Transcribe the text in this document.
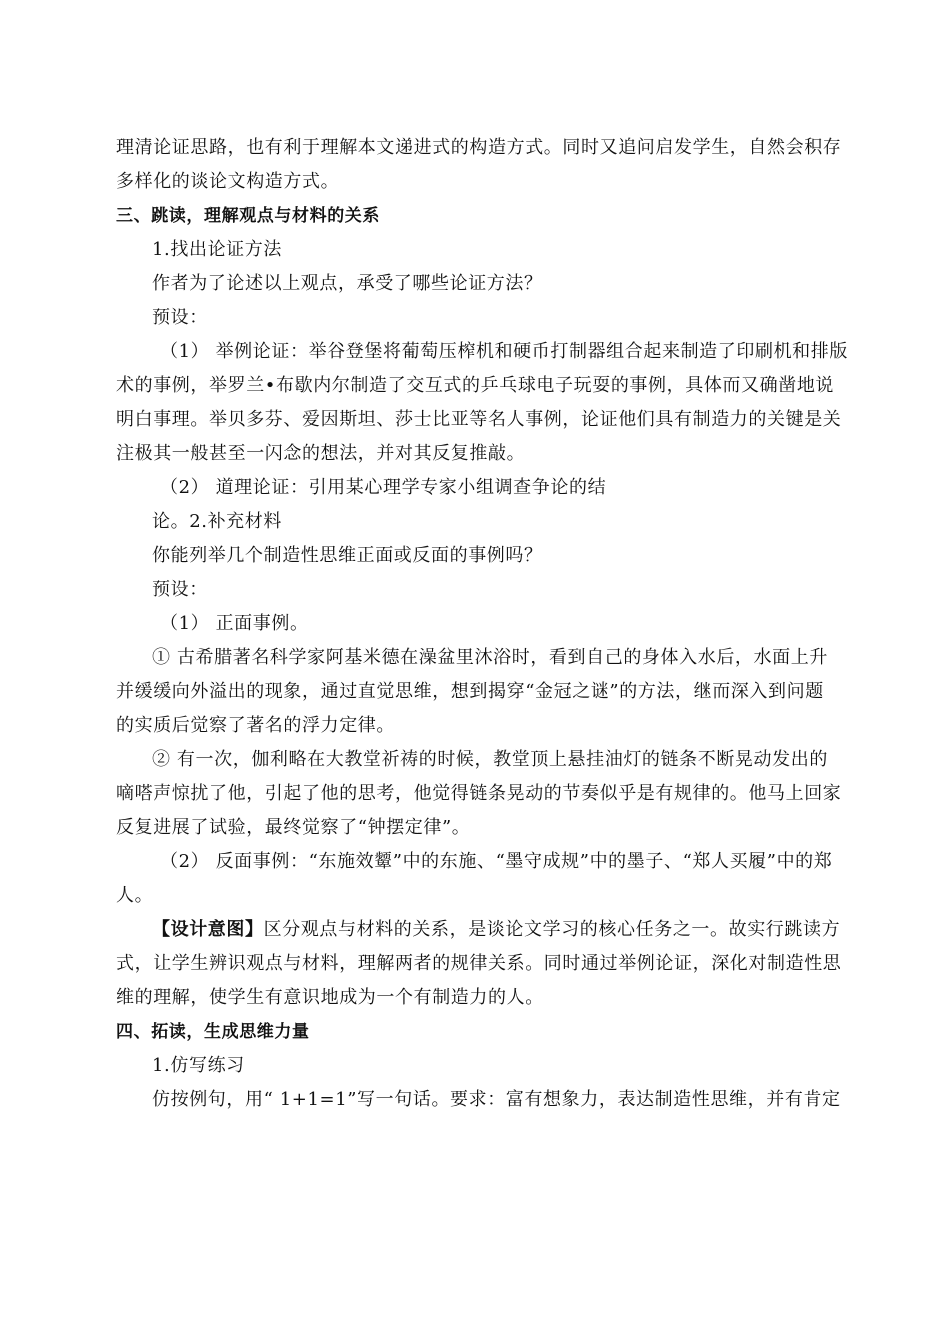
理清论证思路，也有利于理解本文递进式的构造方式。同时又追问启发学生，自然会积存
多样化的谈论文构造方式。
三、跳读，理解观点与材料的关系
1.找出论证方法
作者为了论述以上观点，承受了哪些论证方法？
预设：
（1） 举例论证：举谷登堡将葡萄压榨机和硬币打制器组合起来制造了印刷机和排版
术的事例，举罗兰•布歇内尔制造了交互式的乒乓球电子玩耍的事例，具体而又确凿地说
明白事理。举贝多芬、爱因斯坦、莎士比亚等名人事例，论证他们具有制造力的关键是关
注极其一般甚至一闪念的想法，并对其反复推敲。
（2） 道理论证：引用某心理学专家小组调查争论的结
论。2.补充材料
你能列举几个制造性思维正面或反面的事例吗？
预设：
（1） 正面事例。
① 古希腊著名科学家阿基米德在澡盆里沐浴时，看到自己的身体入水后，水面上升
并缓缓向外溢出的现象，通过直觉思维，想到揭穿“金冠之谜”的方法，继而深入到问题
的实质后觉察了著名的浮力定律。
② 有一次，伽利略在大教堂祈祷的时候，教堂顶上悬挂油灯的链条不断晃动发出的
嘀嗒声惊扰了他，引起了他的思考，他觉得链条晃动的节奏似乎是有规律的。他马上回家
反复进展了试验，最终觉察了“钟摆定律”。
（2） 反面事例：“东施效颦”中的东施、“墨守成规”中的墨子、“郑人买履”中的郑
人。
【设计意图】区分观点与材料的关系，是谈论文学习的核心任务之一。故实行跳读方
式，让学生辨识观点与材料，理解两者的规律关系。同时通过举例论证，深化对制造性思
维的理解，使学生有意识地成为一个有制造力的人。
四、拓读，生成思维力量
1.仿写练习
仿按例句，用“ 1+1=1”写一句话。要求：富有想象力，表达制造性思维，并有肯定
